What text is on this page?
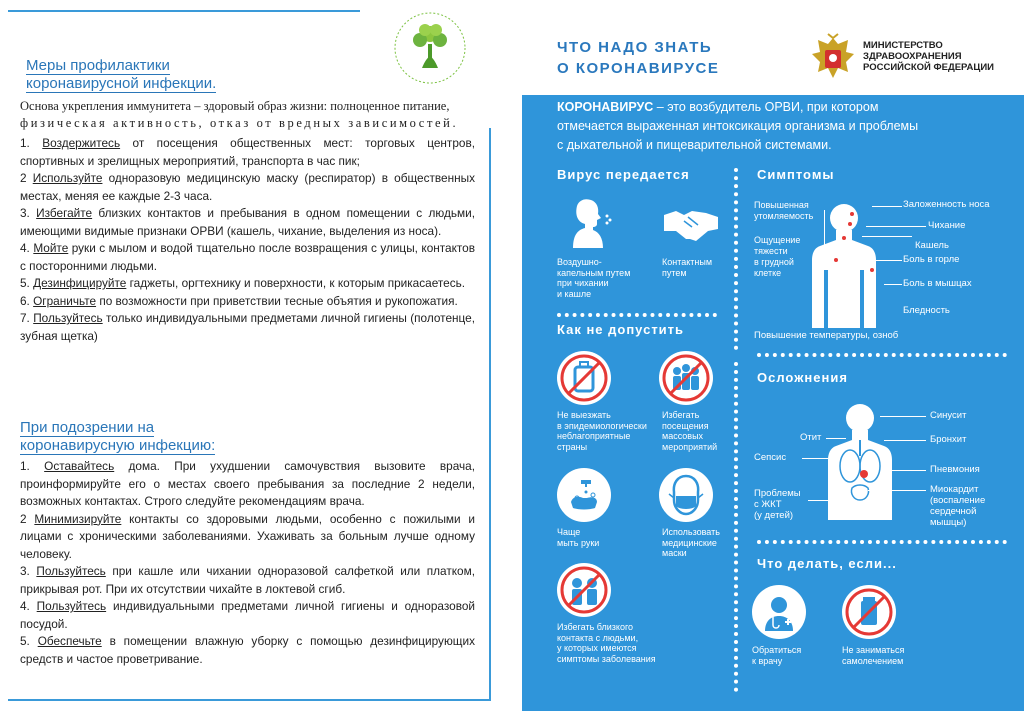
Меры профилактики
коронавирусной инфекции.
Основа укрепления иммунитета – здоровый образ жизни: полноценное питание,
физическая активность, отказ от вредных зависимостей.

1. Воздержитесь от посещения общественных мест: торговых центров, спортивных и зрелищных мероприятий, транспорта в час пик;

2 Используйте одноразовую медицинскую маску (респиратор) в общественных местах, меняя ее каждые 2-3 часа.

3. Избегайте близких контактов и пребывания в одном помещении с людьми, имеющими видимые признаки ОРВИ (кашель, чихание, выделения из носа).

4. Мойте руки с мылом и водой тщательно после возвращения с улицы, контактов с посторонними людьми.

5. Дезинфицируйте гаджеты, оргтехнику и поверхности, к которым прикасаетесь.

6. Ограничьте по возможности при приветствии тесные объятия и рукопожатия.

7. Пользуйтесь только индивидуальными предметами личной гигиены (полотенце, зубная щетка)

При подозрении на
коронавирусную инфекцию:

1. Оставайтесь дома. При ухудшении самочувствия вызовите врача, проинформируйте его о местах своего пребывания за последние 2 недели, возможных контактах. Строго следуйте рекомендациям врача.

2 Минимизируйте контакты со здоровыми людьми, особенно с пожилыми и лицами с хроническими заболеваниями. Ухаживать за больным лучше одному человеку.

3. Пользуйтесь при кашле или чихании одноразовой салфеткой или платком, прикрывая рот. При их отсутствии чихайте в локтевой сгиб.

4. Пользуйтесь индивидуальными предметами личной гигиены и одноразовой посудой.

5. Обеспечьте в помещении влажную уборку с помощью дезинфицирующих средств и частое проветривание.

ЧТО НАДО ЗНАТЬ
О КОРОНАВИРУСЕ
МИНИСТЕРСТВО
ЗДРАВООХРАНЕНИЯ
РОССИЙСКОЙ ФЕДЕРАЦИИ
КОРОНАВИРУС – это возбудитель ОРВИ, при котором
отмечается выраженная интоксикация организма и проблемы
с дыхательной и пищеварительной системами.
Вирус передается
Воздушно-
капельным путем
при чихании
и кашле
Контактным
путем
Как не допустить
Не выезжать
в эпидемиологически
неблагоприятные
страны
Избегать
посещения
массовых
мероприятий
Чаще
мыть руки
Использовать
медицинские
маски
Избегать близкого
контакта с людьми,
у которых имеются
симптомы заболевания
Симптомы
Повышенная
утомляемость
Ощущение
тяжести
в грудной
клетке
Заложенность носа
Чихание
Кашель
Боль в горле
Боль в мышцах
Бледность
Повышение температуры, озноб
Осложнения
Отит
Сепсис
Проблемы
с ЖКТ
(у детей)
Синусит
Бронхит
Пневмония
Миокардит
(воспаление
сердечной
мышцы)
Что делать, если...
Обратиться
к врачу
Не заниматься
самолечением
